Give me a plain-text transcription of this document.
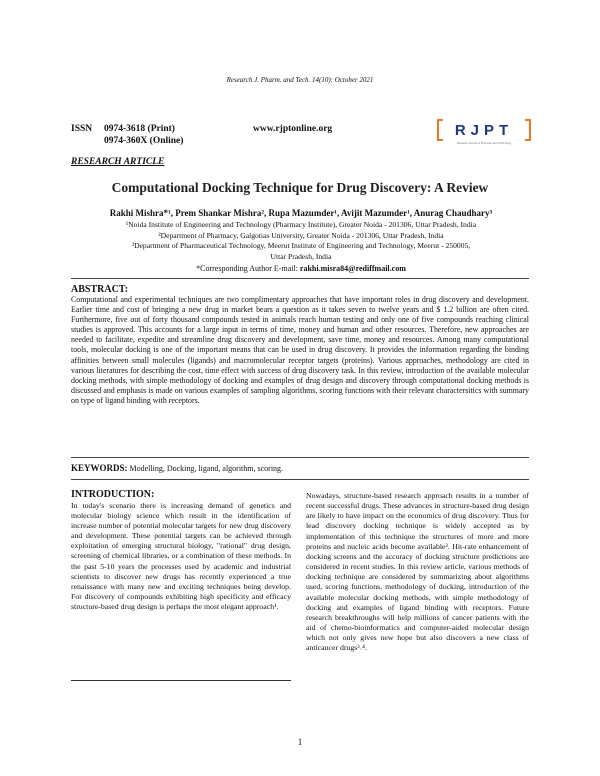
Research J. Pharm. and Tech. 14(10): October 2021
ISSN 0974-3618 (Print)
0974-360X (Online)
www.rjptonline.org	RJPT
Research Journal of Pharmacy and Technology
RESEARCH ARTICLE
Computational Docking Technique for Drug Discovery: A Review
Rakhi Mishra*¹, Prem Shankar Mishra², Rupa Mazumder¹, Avijit Mazumder¹, Anurag Chaudhary³
¹Noida Institute of Engineering and Technology (Pharmacy Institute), Greater Noida - 201306, Uttar Pradesh, India
²Department of Pharmacy, Galgotias University, Greater Noida - 201306, Uttar Pradesh, India
³Department of Pharmaceutical Technology, Meerut Institute of Engineering and Technology, Meerut - 250005,
Uttar Pradesh, India
*Corresponding Author E-mail: rakhi.misra84@rediffmail.com
ABSTRACT:
Computational and experimental techniques are two complimentary approaches that have important roles in drug discovery and development. Earlier time and cost of bringing a new drug in market bears a question as it takes seven to twelve years and $ 1.2 billion are often cited. Furthermore, five out of forty thousand compounds tested in animals reach human testing and only one of five compounds reaching clinical studies is approved. This accounts for a large input in terms of time, money and human and other resources. Therefore, new approaches are needed to facilitate, expedite and streamline drug discovery and development, save time, money and resources. Among many computational tools, molecular docking is one of the important means that can be used in drug discovery. It provides the information regarding the binding affinities between small molecules (ligands) and macromolecular receptor targets (proteins). Various approaches, methodology are cited in various literatures for describing the cost, time effect with success of drug discovery task. In this review, introduction of the available molecular docking methods, with simple methodology of docking and examples of drug design and discovery through computational docking methods is discussed and emphasis is made on various examples of sampling algorithms, scoring functions with their relevant charactersitics with summary on type of ligand binding with receptors.
KEYWORDS: Modelling, Docking, ligand, algorithm, scoring.
INTRODUCTION:
In today's scenario there is increasing demand of genetics and molecular biology science which result in the identification of increase number of potential molecular targets for new drug discovery and development. These potential targets can be achieved through exploitation of emerging structural biology, "rational" drug design, screening of chemical libraries, or a combination of these methods. In the past 5-10 years the processes used by academic and industrial scientists to discover new drugs has recently experienced a true renaissance with many new and exciting techniques being develop. For discovery of compounds exhibiting high specificity and efficacy structure-based drug design is perhaps the most elegant approach¹.
Nowadays, structure-based research approach results in a number of recent successful drugs. These advances in structure-based drug design are likely to have impact on the economics of drug discovery. Thus for lead discovery docking technique is widely accepted as by implementation of this technique the structures of more and more proteins and nucleic acids become available². Hit-rate enhancement of docking screens and the accuracy of docking structure predictions are considered in recent studies. In this review article, various methods of docking technique are considered by summarizing about algorithms used, scoring functions, methodology of docking, introduction of the available molecular docking methods, with simple methodology of docking and examples of ligand binding with receptors. Future research breakthroughs will help millions of cancer patients with the aid of chemo-bioinformatics and computer-aided molecular design which not only gives new hope but also discovers a new class of anticancer drugs³˒⁴.
1
